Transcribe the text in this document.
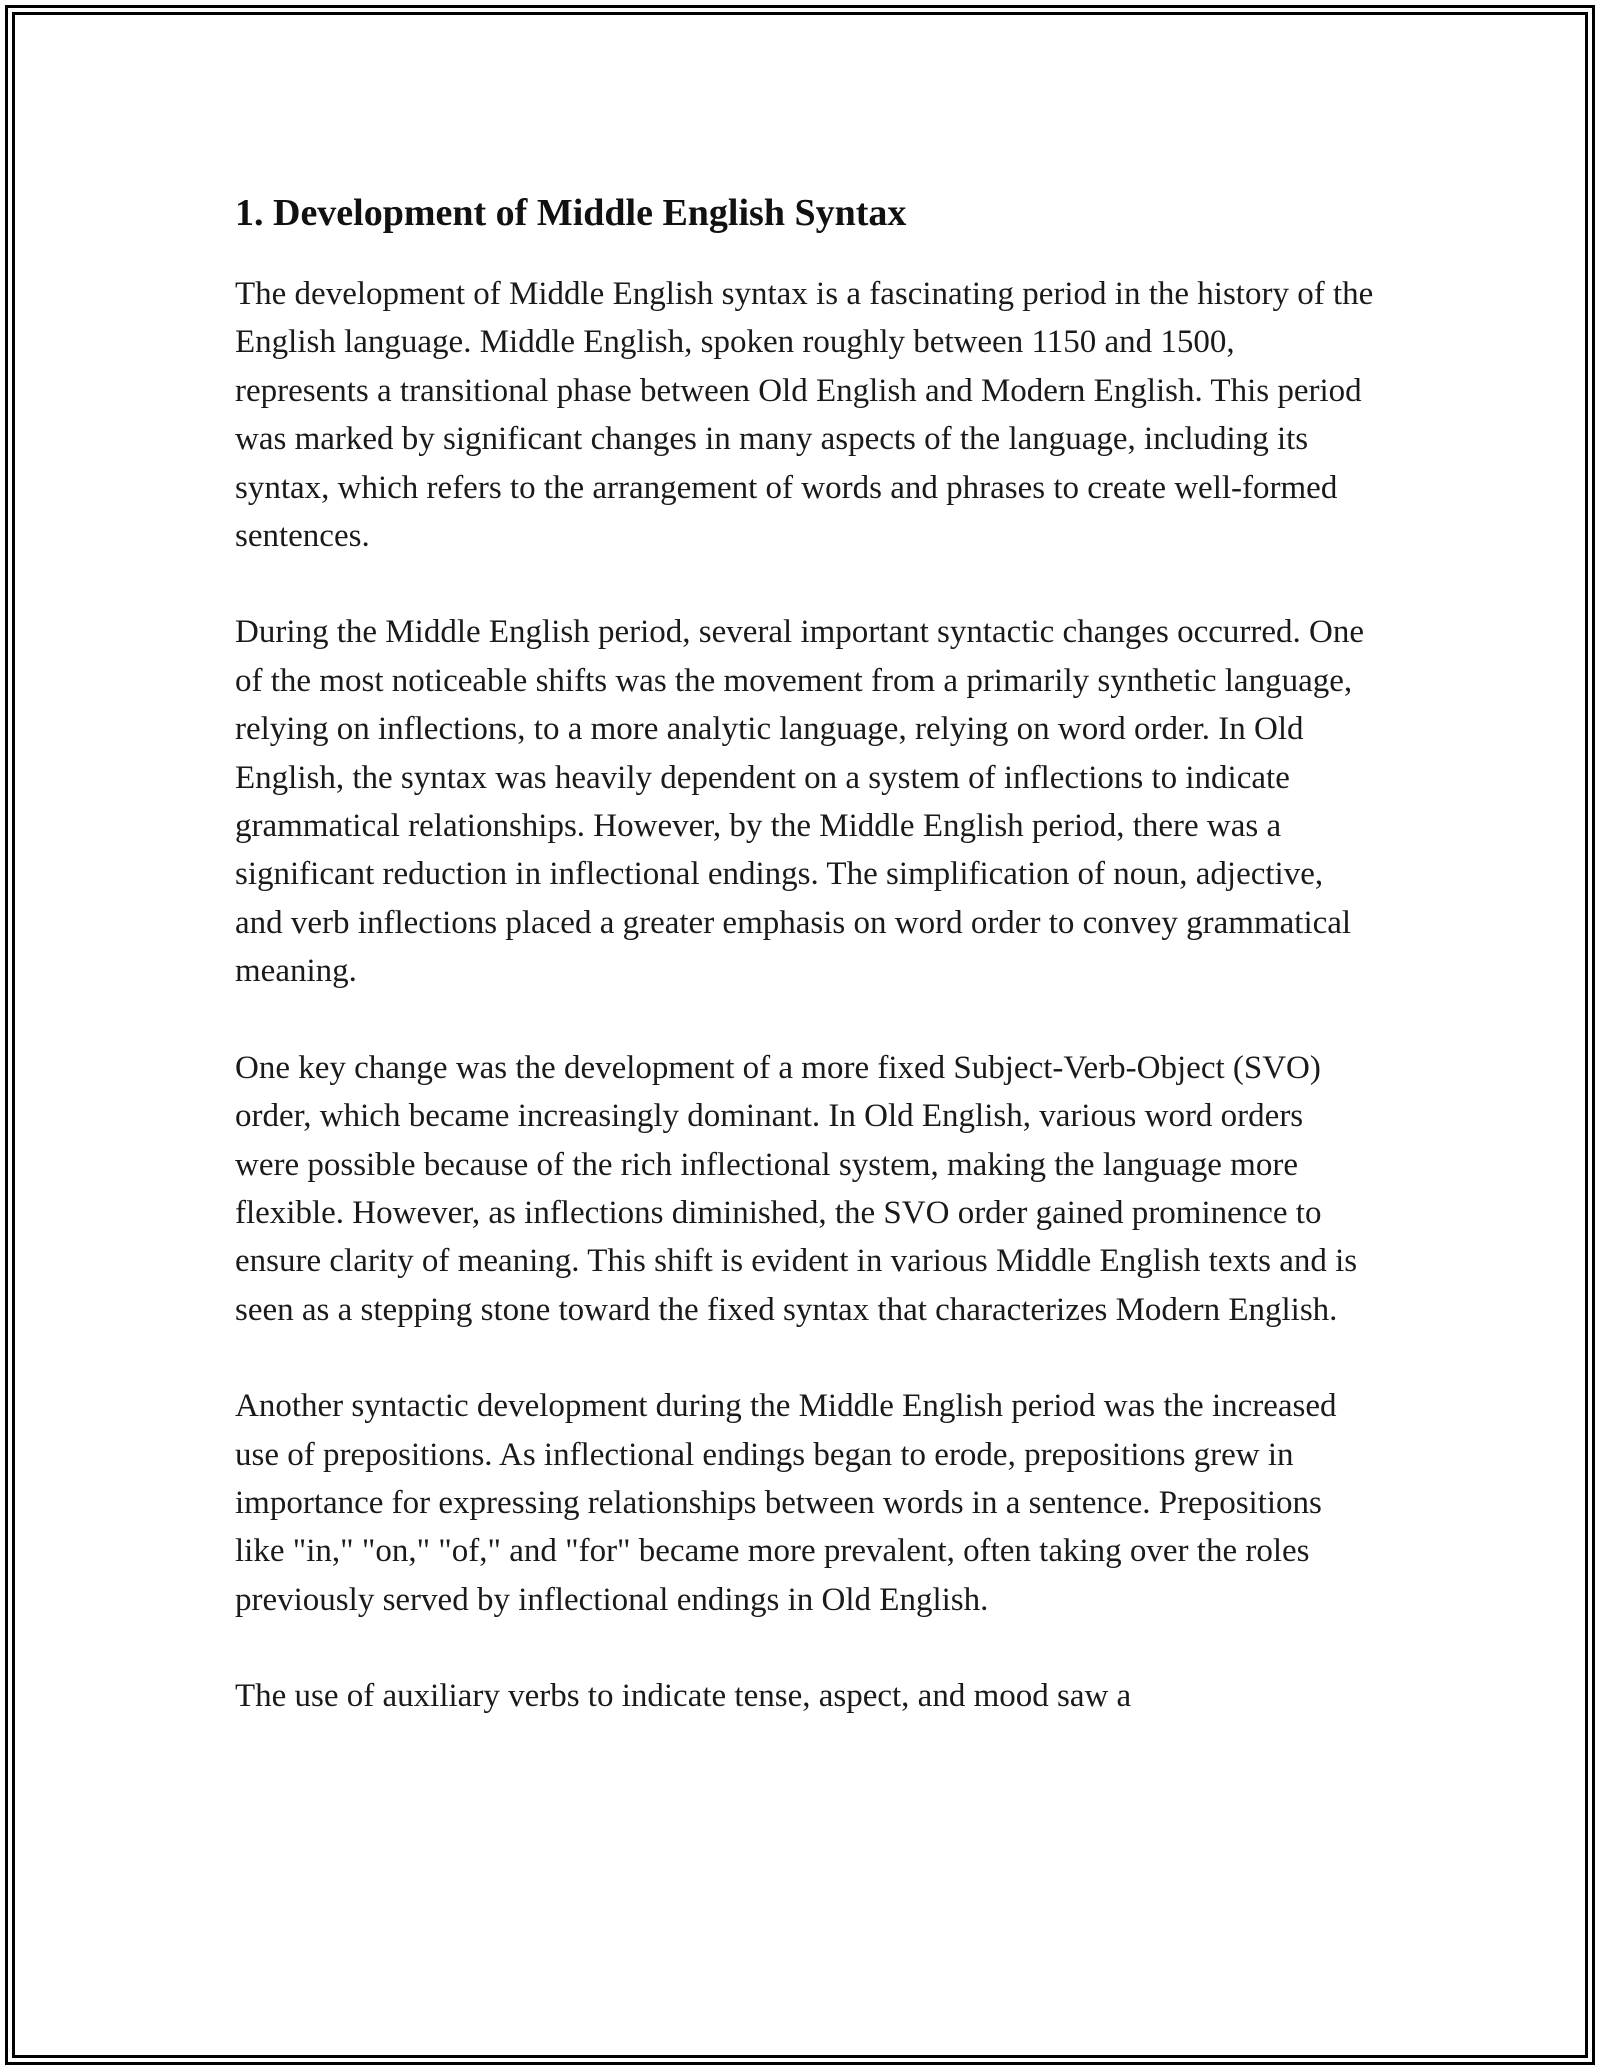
1. Development of Middle English Syntax

The development of Middle English syntax is a fascinating period in the history of the English language. Middle English, spoken roughly between 1150 and 1500, represents a transitional phase between Old English and Modern English. This period was marked by significant changes in many aspects of the language, including its syntax, which refers to the arrangement of words and phrases to create well-formed sentences.

During the Middle English period, several important syntactic changes occurred. One of the most noticeable shifts was the movement from a primarily synthetic language, relying on inflections, to a more analytic language, relying on word order. In Old English, the syntax was heavily dependent on a system of inflections to indicate grammatical relationships. However, by the Middle English period, there was a significant reduction in inflectional endings. The simplification of noun, adjective, and verb inflections placed a greater emphasis on word order to convey grammatical meaning.

One key change was the development of a more fixed Subject-Verb-Object (SVO) order, which became increasingly dominant. In Old English, various word orders were possible because of the rich inflectional system, making the language more flexible. However, as inflections diminished, the SVO order gained prominence to ensure clarity of meaning. This shift is evident in various Middle English texts and is seen as a stepping stone toward the fixed syntax that characterizes Modern English.

Another syntactic development during the Middle English period was the increased use of prepositions. As inflectional endings began to erode, prepositions grew in importance for expressing relationships between words in a sentence. Prepositions like "in," "on," "of," and "for" became more prevalent, often taking over the roles previously served by inflectional endings in Old English.

The use of auxiliary verbs to indicate tense, aspect, and mood saw a
